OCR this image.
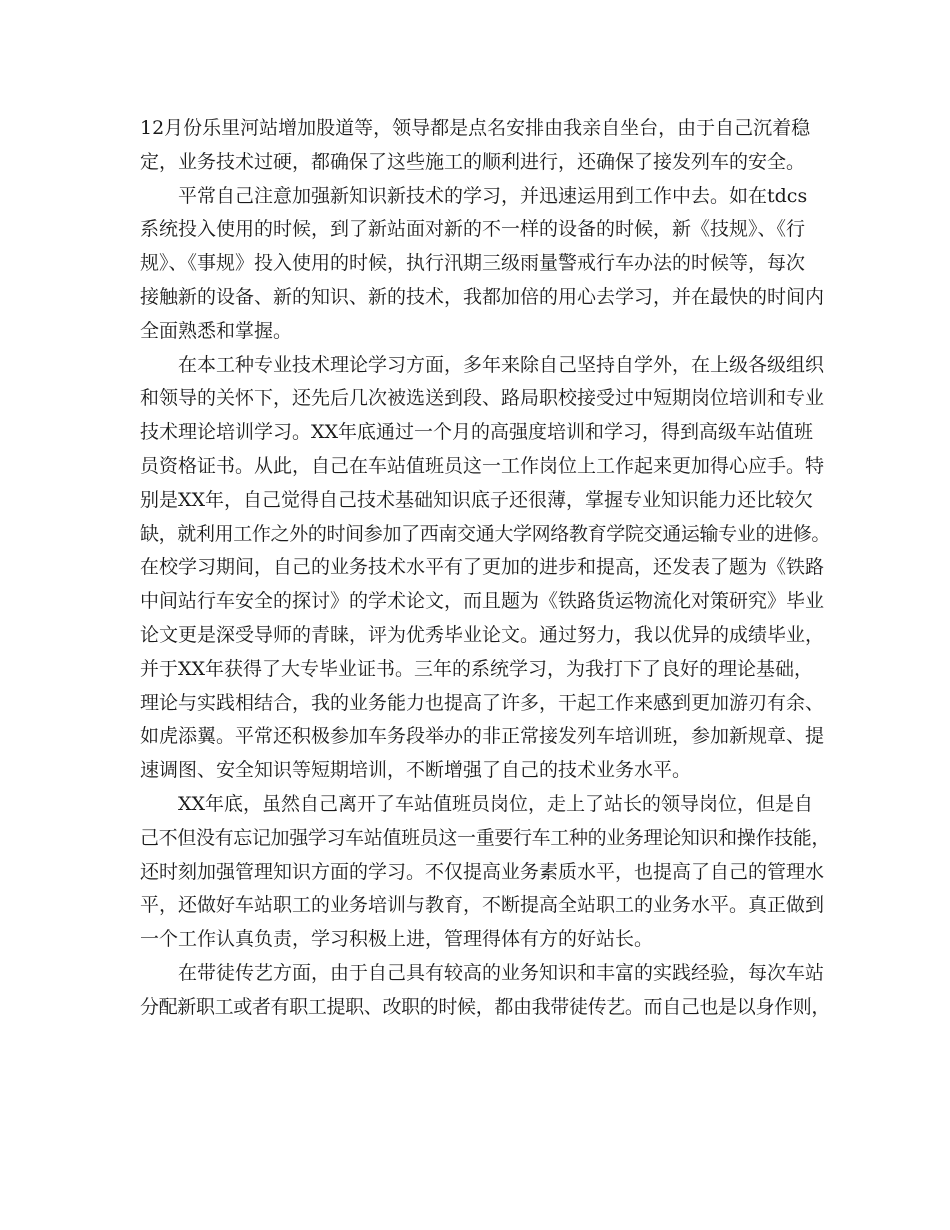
12月份乐里河站增加股道等，领导都是点名安排由我亲自坐台，由于自己沉着稳
定，业务技术过硬，都确保了这些施工的顺利进行，还确保了接发列车的安全。
平常自己注意加强新知识新技术的学习，并迅速运用到工作中去。如在tdcs
系统投入使用的时候，到了新站面对新的不一样的设备的时候，新《技规》、《行
规》、《事规》投入使用的时候，执行汛期三级雨量警戒行车办法的时候等，每次
接触新的设备、新的知识、新的技术，我都加倍的用心去学习，并在最快的时间内
全面熟悉和掌握。
在本工种专业技术理论学习方面，多年来除自己坚持自学外，在上级各级组织
和领导的关怀下，还先后几次被选送到段、路局职校接受过中短期岗位培训和专业
技术理论培训学习。XX年底通过一个月的高强度培训和学习，得到高级车站值班
员资格证书。从此，自己在车站值班员这一工作岗位上工作起来更加得心应手。特
别是XX年，自己觉得自己技术基础知识底子还很薄，掌握专业知识能力还比较欠
缺，就利用工作之外的时间参加了西南交通大学网络教育学院交通运输专业的进修。
在校学习期间，自己的业务技术水平有了更加的进步和提高，还发表了题为《铁路
中间站行车安全的探讨》的学术论文，而且题为《铁路货运物流化对策研究》毕业
论文更是深受导师的青睐，评为优秀毕业论文。通过努力，我以优异的成绩毕业，
并于XX年获得了大专毕业证书。三年的系统学习，为我打下了良好的理论基础，
理论与实践相结合，我的业务能力也提高了许多，干起工作来感到更加游刃有余、
如虎添翼。平常还积极参加车务段举办的非正常接发列车培训班，参加新规章、提
速调图、安全知识等短期培训，不断增强了自己的技术业务水平。
XX年底，虽然自己离开了车站值班员岗位，走上了站长的领导岗位，但是自
己不但没有忘记加强学习车站值班员这一重要行车工种的业务理论知识和操作技能，
还时刻加强管理知识方面的学习。不仅提高业务素质水平，也提高了自己的管理水
平，还做好车站职工的业务培训与教育，不断提高全站职工的业务水平。真正做到
一个工作认真负责，学习积极上进，管理得体有方的好站长。
在带徒传艺方面，由于自己具有较高的业务知识和丰富的实践经验，每次车站
分配新职工或者有职工提职、改职的时候，都由我带徒传艺。而自己也是以身作则，
